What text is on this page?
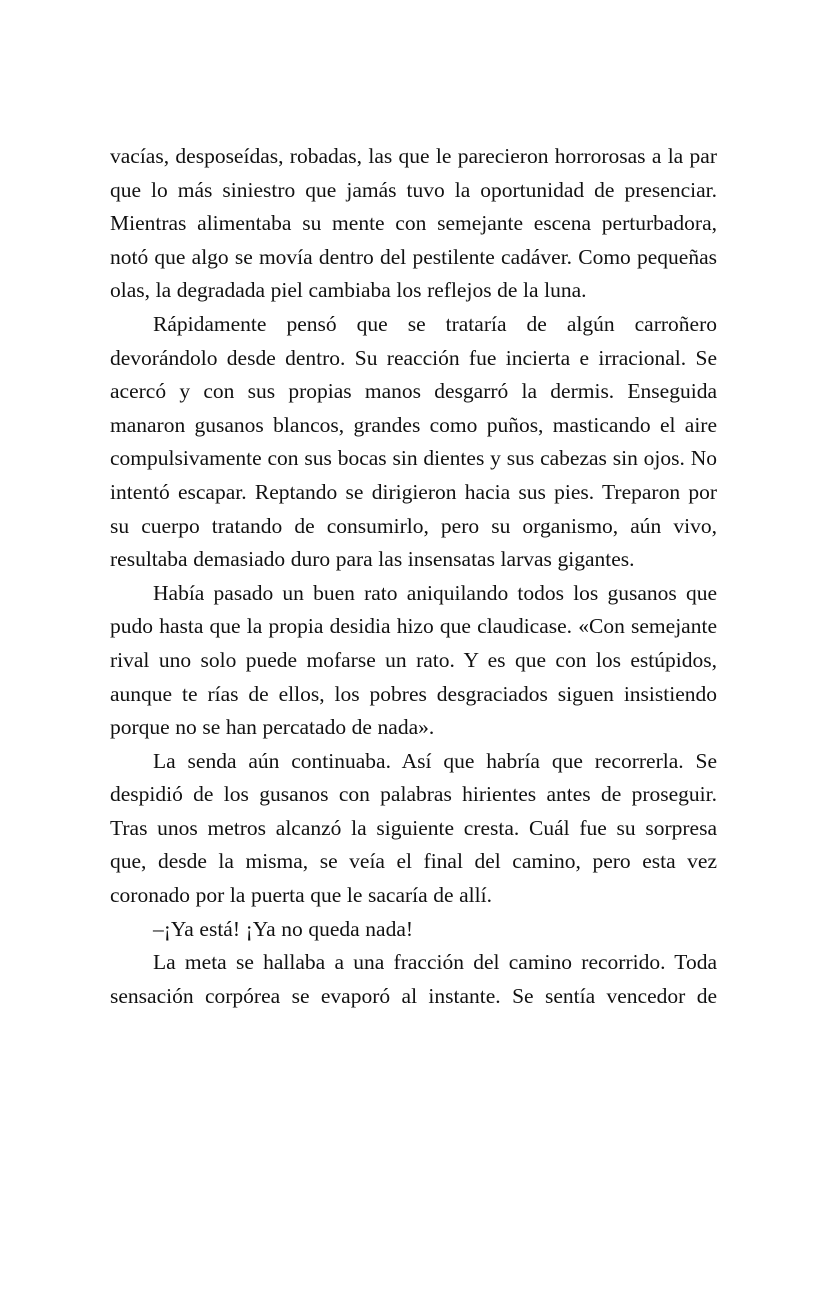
vacías, desposeídas, robadas, las que le parecieron horrorosas a la par que lo más siniestro que jamás tuvo la oportunidad de presenciar. Mientras alimentaba su mente con semejante escena perturbadora, notó que algo se movía dentro del pestilente cadáver. Como pequeñas olas, la degradada piel cambiaba los reflejos de la luna.

Rápidamente pensó que se trataría de algún carroñero devorándolo desde dentro. Su reacción fue incierta e irracional. Se acercó y con sus propias manos desgarró la dermis. Enseguida manaron gusanos blancos, grandes como puños, masticando el aire compulsivamente con sus bocas sin dientes y sus cabezas sin ojos. No intentó escapar. Reptando se dirigieron hacia sus pies. Treparon por su cuerpo tratando de consumirlo, pero su organismo, aún vivo, resultaba demasiado duro para las insensatas larvas gigantes.

Había pasado un buen rato aniquilando todos los gusanos que pudo hasta que la propia desidia hizo que claudicase. «Con semejante rival uno solo puede mofarse un rato. Y es que con los estúpidos, aunque te rías de ellos, los pobres desgraciados siguen insistiendo porque no se han percatado de nada».

La senda aún continuaba. Así que habría que recorrerla. Se despidió de los gusanos con palabras hirientes antes de proseguir. Tras unos metros alcanzó la siguiente cresta. Cuál fue su sorpresa que, desde la misma, se veía el final del camino, pero esta vez coronado por la puerta que le sacaría de allí.

–¡Ya está! ¡Ya no queda nada!

La meta se hallaba a una fracción del camino recorrido. Toda sensación corpórea se evaporó al instante. Se sentía vencedor de
